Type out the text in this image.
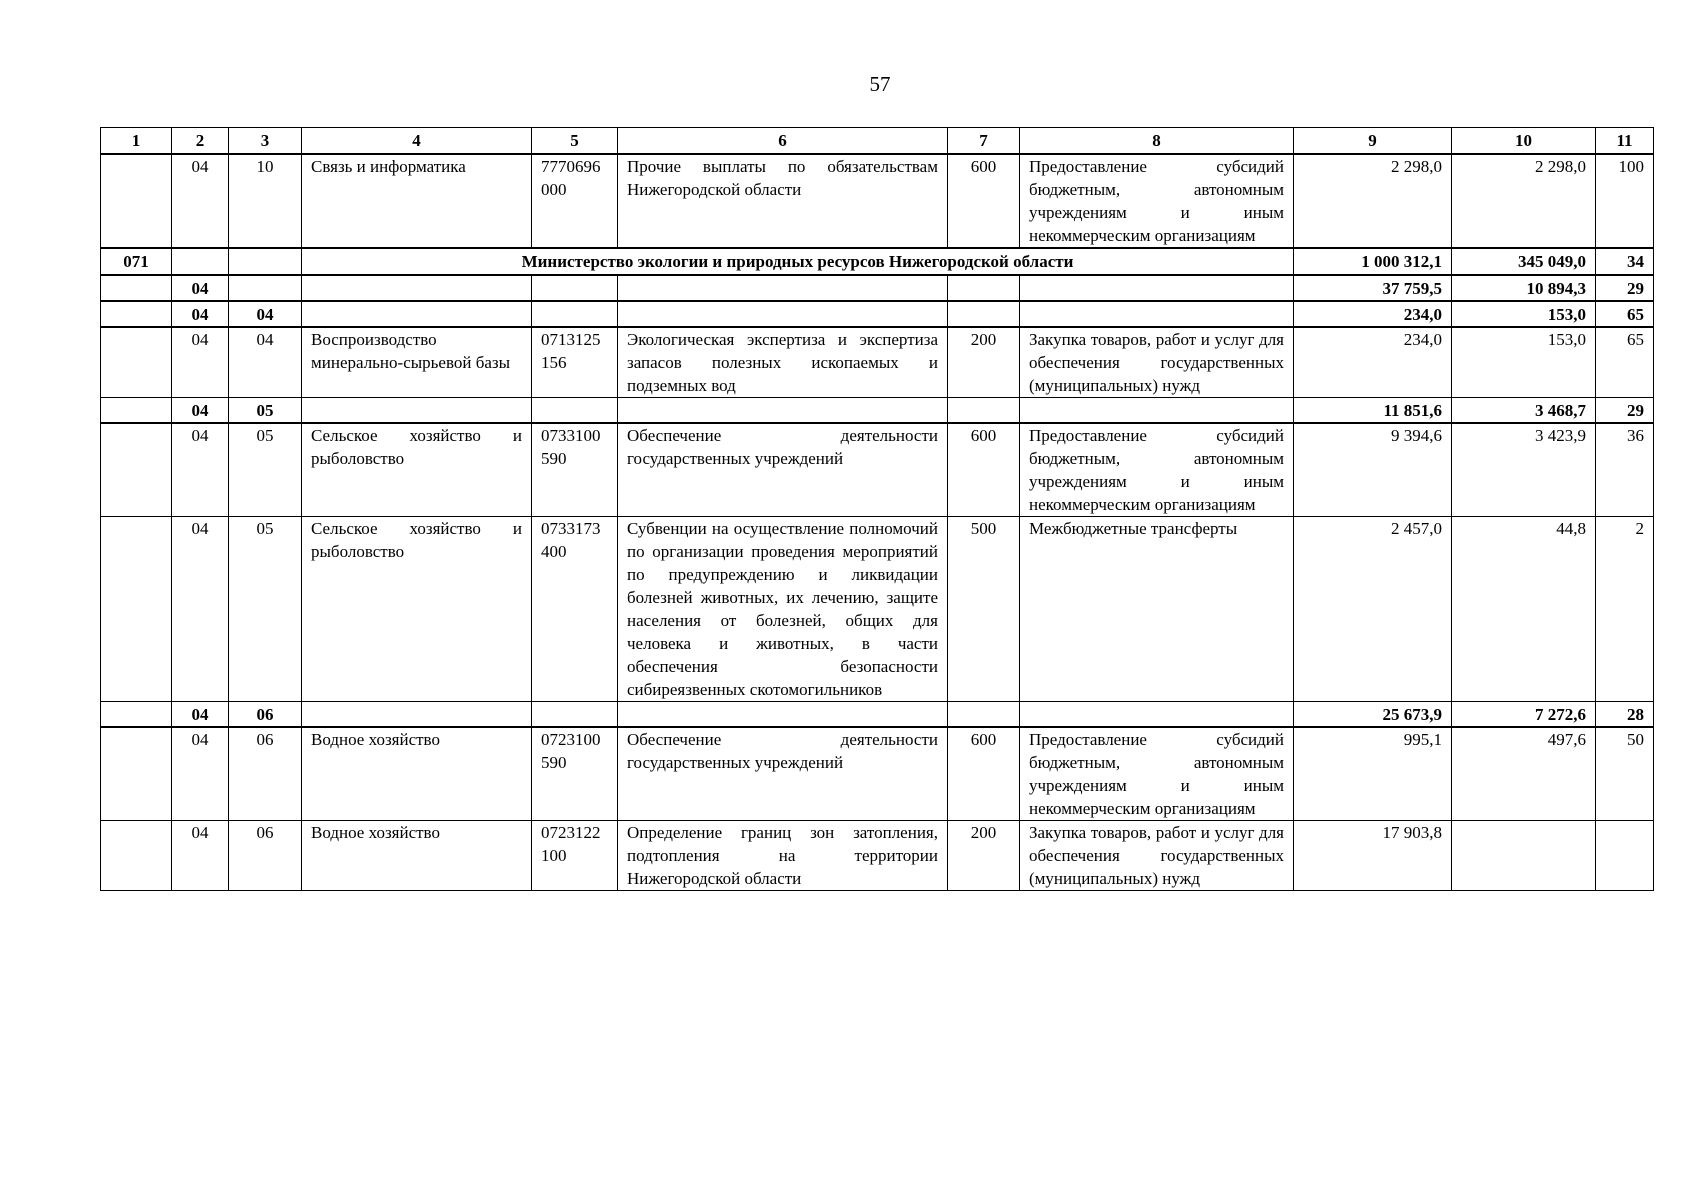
57
1	2	3	4	5	6	7	8	9	10	11
	04	10	Связь и информатика	7770696000	Прочие выплаты по обязательствам Нижегородской области	600	Предоставление субсидий бюджетным, автономным учреждениям и иным некоммерческим организациям	2 298,0	2 298,0	100
071			Министерство экологии и природных ресурсов Нижегородской области					1 000 312,1	345 049,0	34
	04							37 759,5	10 894,3	29
	04	04						234,0	153,0	65
	04	04	Воспроизводство минерально-сырьевой базы	0713125156	Экологическая экспертиза и экспертиза запасов полезных ископаемых и подземных вод	200	Закупка товаров, работ и услуг для обеспечения государственных (муниципальных) нужд	234,0	153,0	65
	04	05						11 851,6	3 468,7	29
	04	05	Сельское хозяйство и рыболовство	0733100590	Обеспечение деятельности государственных учреждений	600	Предоставление субсидий бюджетным, автономным учреждениям и иным некоммерческим организациям	9 394,6	3 423,9	36
	04	05	Сельское хозяйство и рыболовство	0733173400	Субвенции на осуществление полномочий по организации проведения мероприятий по предупреждению и ликвидации болезней животных, их лечению, защите населения от болезней, общих для человека и животных, в части обеспечения безопасности сибиреязвенных скотомогильников	500	Межбюджетные трансферты	2 457,0	44,8	2
	04	06						25 673,9	7 272,6	28
	04	06	Водное хозяйство	0723100590	Обеспечение деятельности государственных учреждений	600	Предоставление субсидий бюджетным, автономным учреждениям и иным некоммерческим организациям	995,1	497,6	50
	04	06	Водное хозяйство	0723122100	Определение границ зон затопления, подтопления на территории Нижегородской области	200	Закупка товаров, работ и услуг для обеспечения государственных (муниципальных) нужд	17 903,8		
